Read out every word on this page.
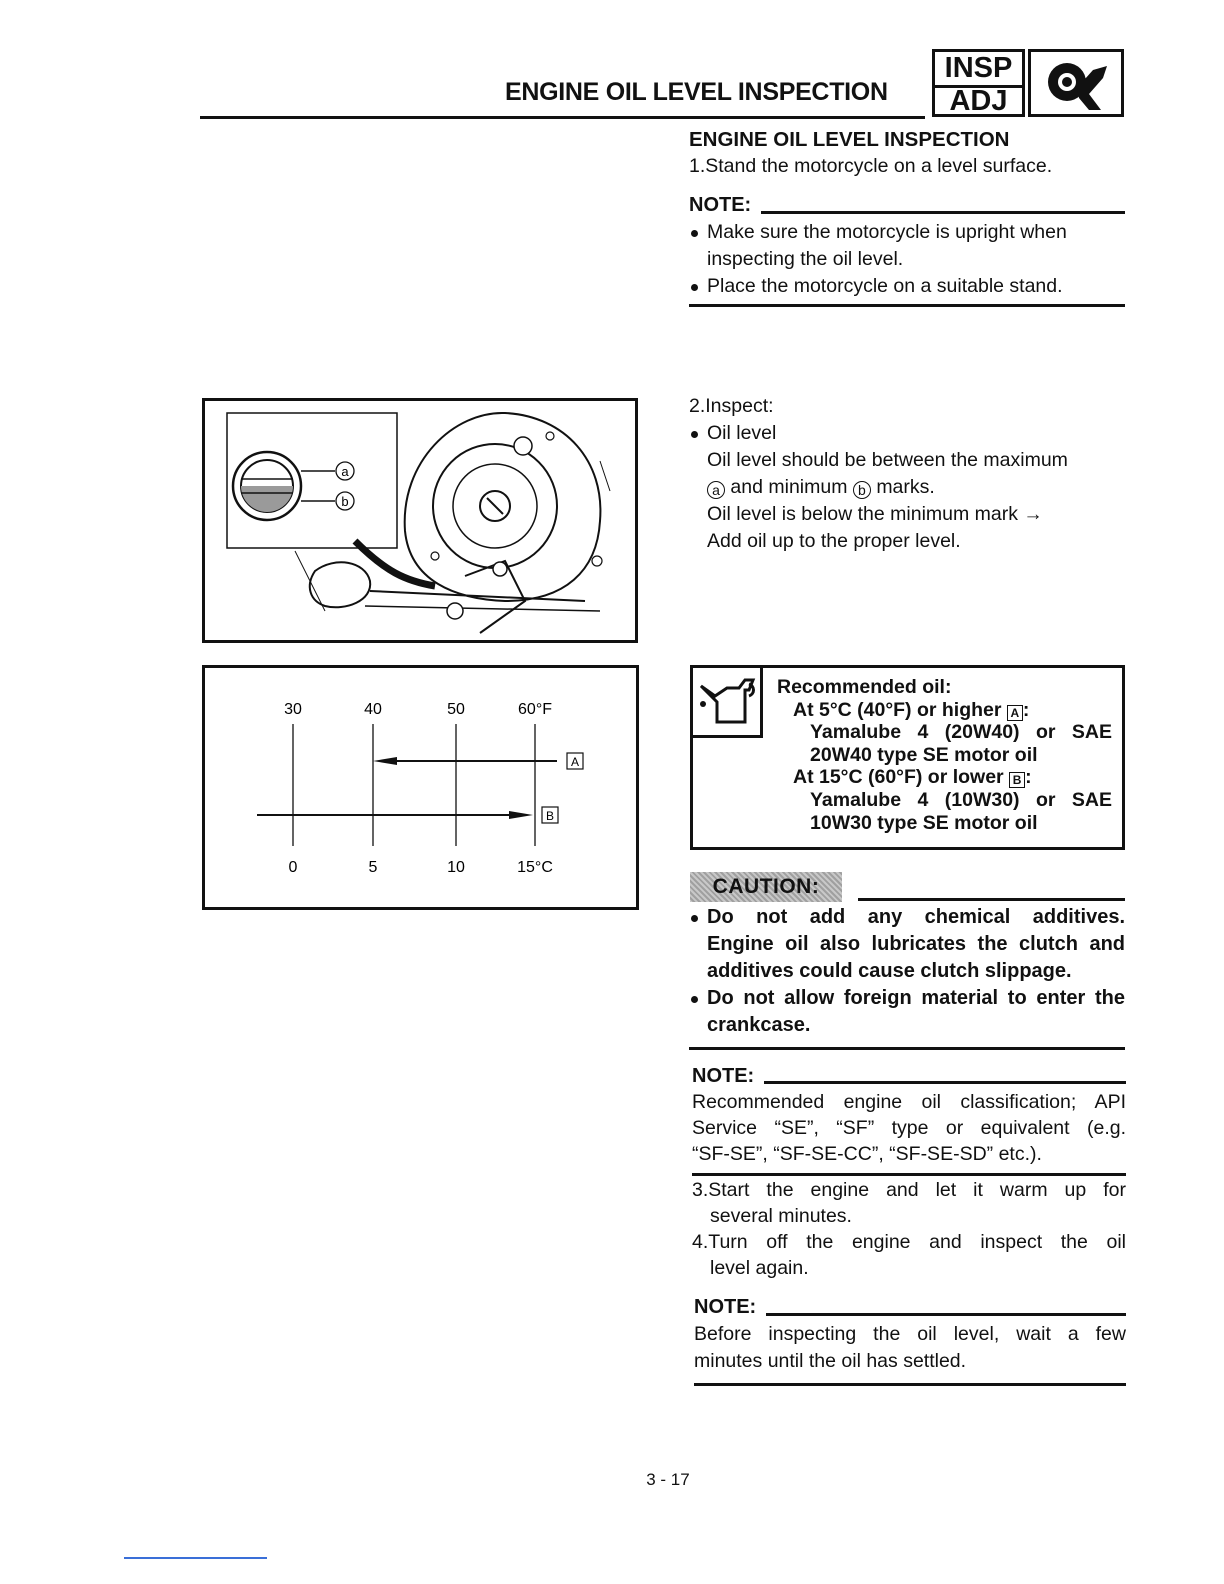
ENGINE OIL LEVEL INSPECTION
INSP
ADJ
ENGINE OIL LEVEL INSPECTION
1.Stand the motorcycle on a level surface.
NOTE:
Make sure the motorcycle is upright when inspecting the oil level.
Place the motorcycle on a suitable stand.
2.Inspect:
Oil level
Oil level should be between the maximum
a and minimum b marks.
Oil level is below the minimum mark →
Add oil up to the proper level.
a
b
30	40	50	60°F
0	5	10	15°C
A
B
Recommended oil:
At 5°C (40°F) or higher A :
Yamalube 4 (20W40) or SAE
20W40 type SE motor oil
At 15°C (60°F) or lower B :
Yamalube 4 (10W30) or SAE
10W30 type SE motor oil
CAUTION:
Do not add any chemical additives.
Engine oil also lubricates the clutch and
additives could cause clutch slippage.
Do not allow foreign material to enter the
crankcase.
NOTE:
Recommended engine oil classification; API
Service “SE”, “SF” type or equivalent (e.g.
“SF-SE”, “SF-SE-CC”, “SF-SE-SD” etc.).
3.Start the engine and let it warm up for
several minutes.
4.Turn off the engine and inspect the oil
level again.
NOTE:
Before inspecting the oil level, wait a few
minutes until the oil has settled.
3 - 17
